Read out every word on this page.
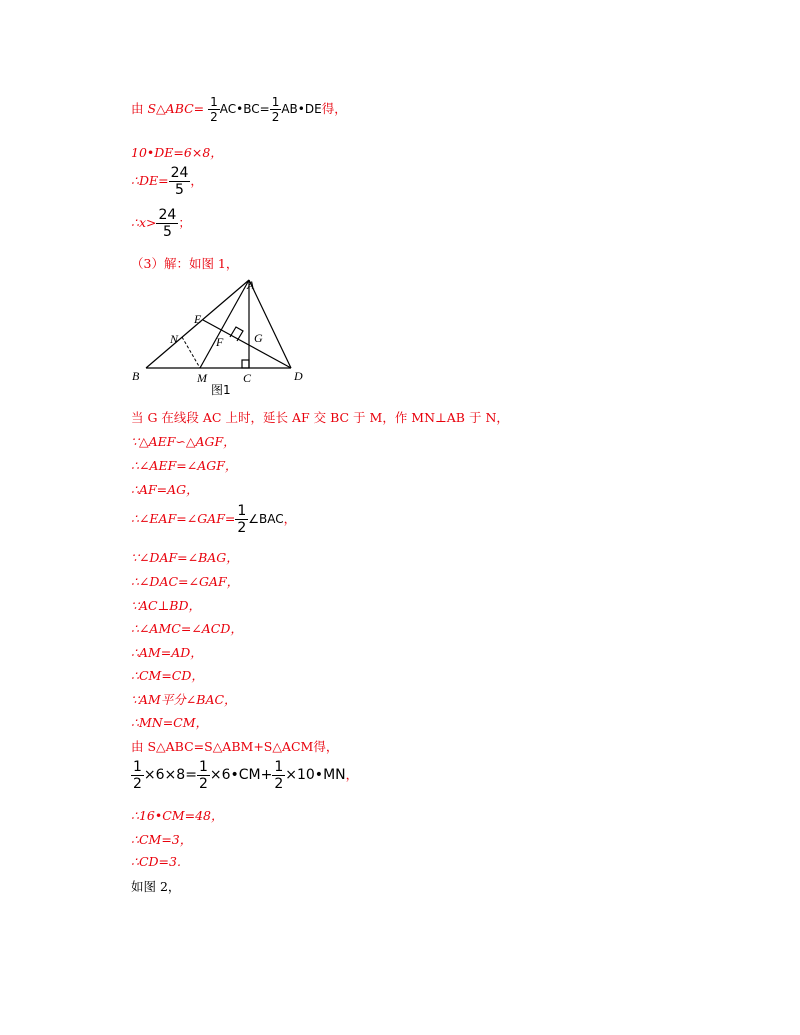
由 S△ABC= $\frac{1}{2}$ AC•BC= $\frac{1}{2}$ AB•DE得，
10•DE=6×8，
∴DE= $\frac{24}{5}$ ，
∴x> $\frac{24}{5}$ ；
（3）解：如图 1，
A
E
N	F	G
B	M	C	D
图1
当 G 在线段 AC 上时，延长 AF 交 BC 于 M，作 MN⊥AB 于 N，
∵△AEF∽△AGF，
∴∠AEF=∠AGF，
∴AF=AG，
∴∠EAF=∠GAF= $\frac{1}{2}$ ∠BAC，
∵∠DAF=∠BAG，
∴∠DAC=∠GAF，
∵AC⊥BD，
∴∠AMC=∠ACD，
∴AM=AD，
∴CM=CD，
∵AM平分∠BAC，
∴MN=CM，
由 S△ABC=S△ABM+S△ACM得，
$\frac{1}{2} \times 6\times 8= \frac{1}{2}$ ×6•CM+ $\frac{1}{2}$ ×10•MN，
∴16•CM=48，
∴CM=3，
∴CD=3.
如图 2，
